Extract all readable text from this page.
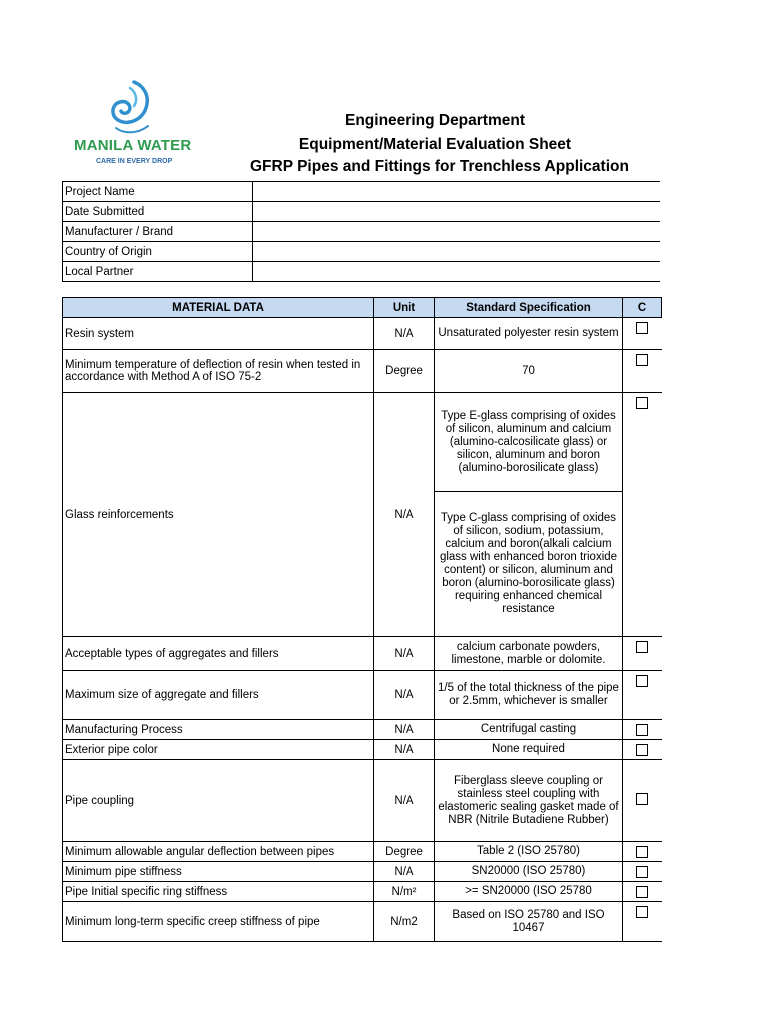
MANILA WATER
CARE IN EVERY DROP
Engineering Department
Equipment/Material Evaluation Sheet
GFRP Pipes and Fittings for Trenchless Application
Project Name	
Date Submitted	
Manufacturer / Brand	
Country of Origin	
Local Partner	
MATERIAL DATA	Unit	Standard Specification	C
Resin system	N/A	Unsaturated polyester resin system	
Minimum temperature of deflection of resin when tested in accordance with Method A of ISO 75-2	Degree	70	
Glass reinforcements	N/A	Type E-glass comprising of oxides of silicon, aluminum and calcium (alumino-calcosilicate glass) or silicon, aluminum and boron (alumino-borosilicate glass)	
		Type C-glass comprising of oxides of silicon, sodium, potassium, calcium and boron(alkali calcium glass with enhanced boron trioxide content) or silicon, aluminum and boron (alumino-borosilicate glass) requiring enhanced chemical resistance	
Acceptable types of aggregates and fillers	N/A	calcium carbonate powders, limestone, marble or dolomite.	
Maximum size of aggregate and fillers	N/A	1/5 of the total thickness of the pipe or 2.5mm, whichever is smaller	
Manufacturing Process	N/A	Centrifugal casting	
Exterior pipe color	N/A	None required	
Pipe coupling	N/A	Fiberglass sleeve coupling or stainless steel coupling with elastomeric sealing gasket made of NBR (Nitrile Butadiene Rubber)	
Minimum allowable angular deflection between pipes	Degree	Table 2 (ISO 25780)	
Minimum pipe stiffness	N/A	SN20000 (ISO 25780)	
Pipe Initial specific ring stiffness	N/m²	>= SN20000 (ISO 25780	
Minimum long-term specific creep stiffness of pipe	N/m2	Based on ISO 25780 and ISO 10467	
